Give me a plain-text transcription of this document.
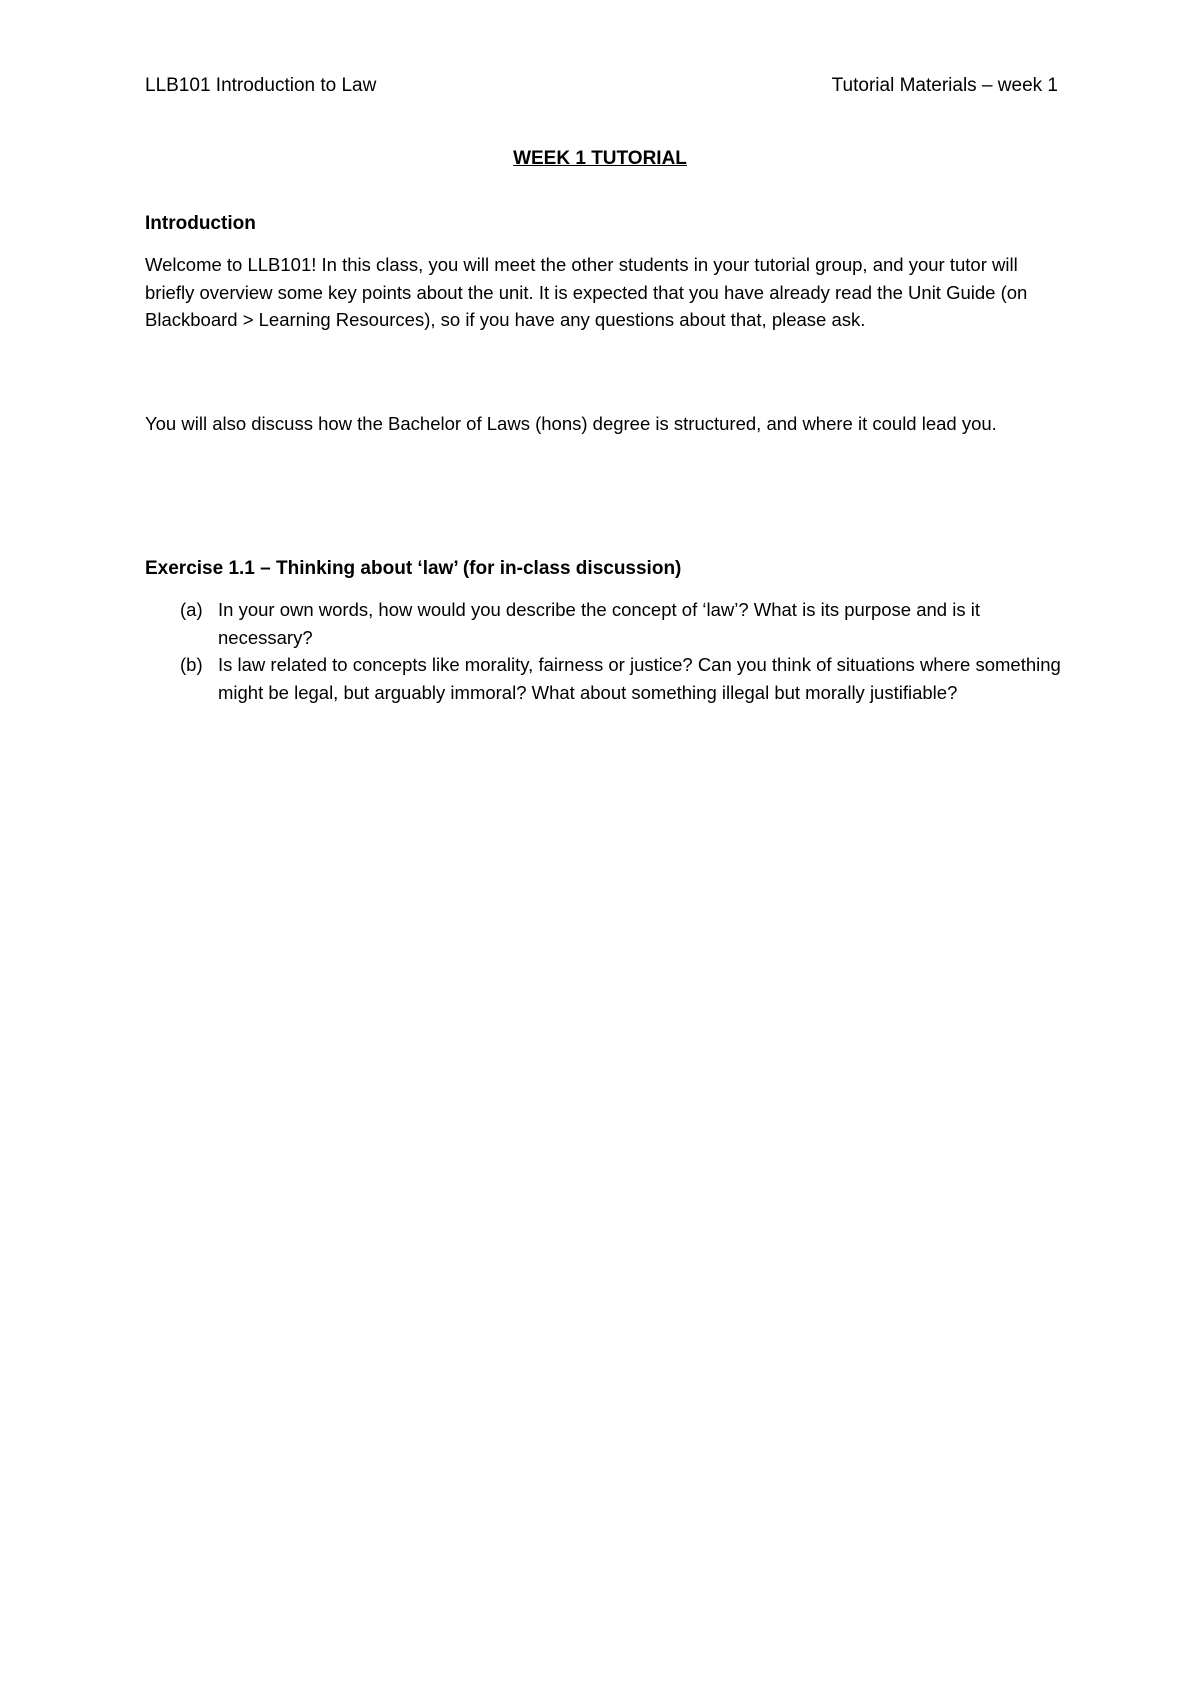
LLB101 Introduction to Law	Tutorial Materials – week 1
WEEK 1 TUTORIAL
Introduction
Welcome to LLB101! In this class, you will meet the other students in your tutorial group, and your tutor will briefly overview some key points about the unit. It is expected that you have already read the Unit Guide (on Blackboard > Learning Resources), so if you have any questions about that, please ask.
You will also discuss how the Bachelor of Laws (hons) degree is structured, and where it could lead you.
Exercise 1.1 – Thinking about ‘law’ (for in-class discussion)
(a) In your own words, how would you describe the concept of ‘law’? What is its purpose and is it necessary?
(b) Is law related to concepts like morality, fairness or justice? Can you think of situations where something might be legal, but arguably immoral? What about something illegal but morally justifiable?
